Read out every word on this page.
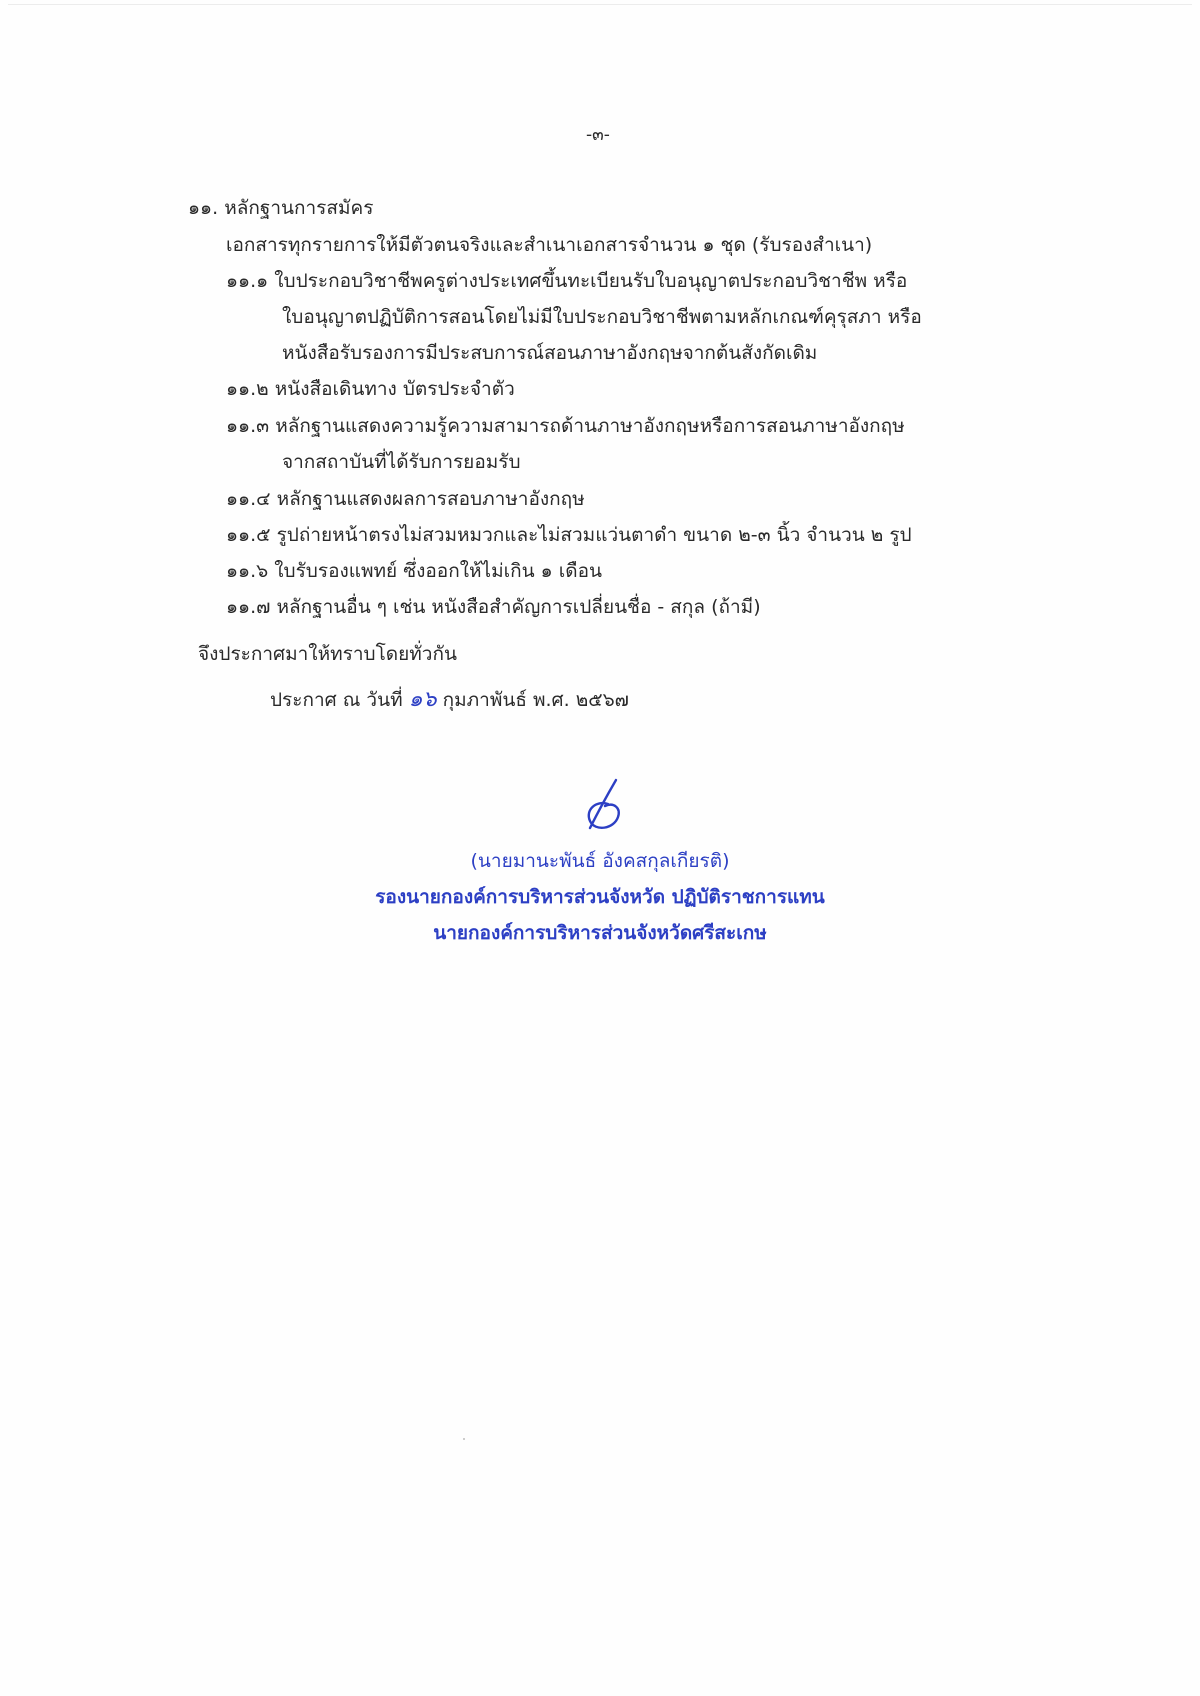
-๓-
๑๑. หลักฐานการสมัคร
เอกสารทุกรายการให้มีตัวตนจริงและสำเนาเอกสารจำนวน ๑ ชุด (รับรองสำเนา)
๑๑.๑ ใบประกอบวิชาชีพครูต่างประเทศขึ้นทะเบียนรับใบอนุญาตประกอบวิชาชีพ หรือ
ใบอนุญาตปฏิบัติการสอนโดยไม่มีใบประกอบวิชาชีพตามหลักเกณฑ์คุรุสภา หรือ
หนังสือรับรองการมีประสบการณ์สอนภาษาอังกฤษจากต้นสังกัดเดิม
๑๑.๒ หนังสือเดินทาง บัตรประจำตัว
๑๑.๓ หลักฐานแสดงความรู้ความสามารถด้านภาษาอังกฤษหรือการสอนภาษาอังกฤษ
จากสถาบันที่ได้รับการยอมรับ
๑๑.๔ หลักฐานแสดงผลการสอบภาษาอังกฤษ
๑๑.๕ รูปถ่ายหน้าตรงไม่สวมหมวกและไม่สวมแว่นตาดำ ขนาด ๒-๓ นิ้ว จำนวน ๒ รูป
๑๑.๖ ใบรับรองแพทย์ ซึ่งออกให้ไม่เกิน ๑ เดือน
๑๑.๗ หลักฐานอื่น ๆ เช่น หนังสือสำคัญการเปลี่ยนชื่อ - สกุล (ถ้ามี)
จึงประกาศมาให้ทราบโดยทั่วกัน
ประกาศ ณ วันที่ ๑๖ กุมภาพันธ์ พ.ศ. ๒๕๖๗
(นายมานะพันธ์ อังคสกุลเกียรติ)
รองนายกองค์การบริหารส่วนจังหวัด ปฏิบัติราชการแทน
นายกองค์การบริหารส่วนจังหวัดศรีสะเกษ
